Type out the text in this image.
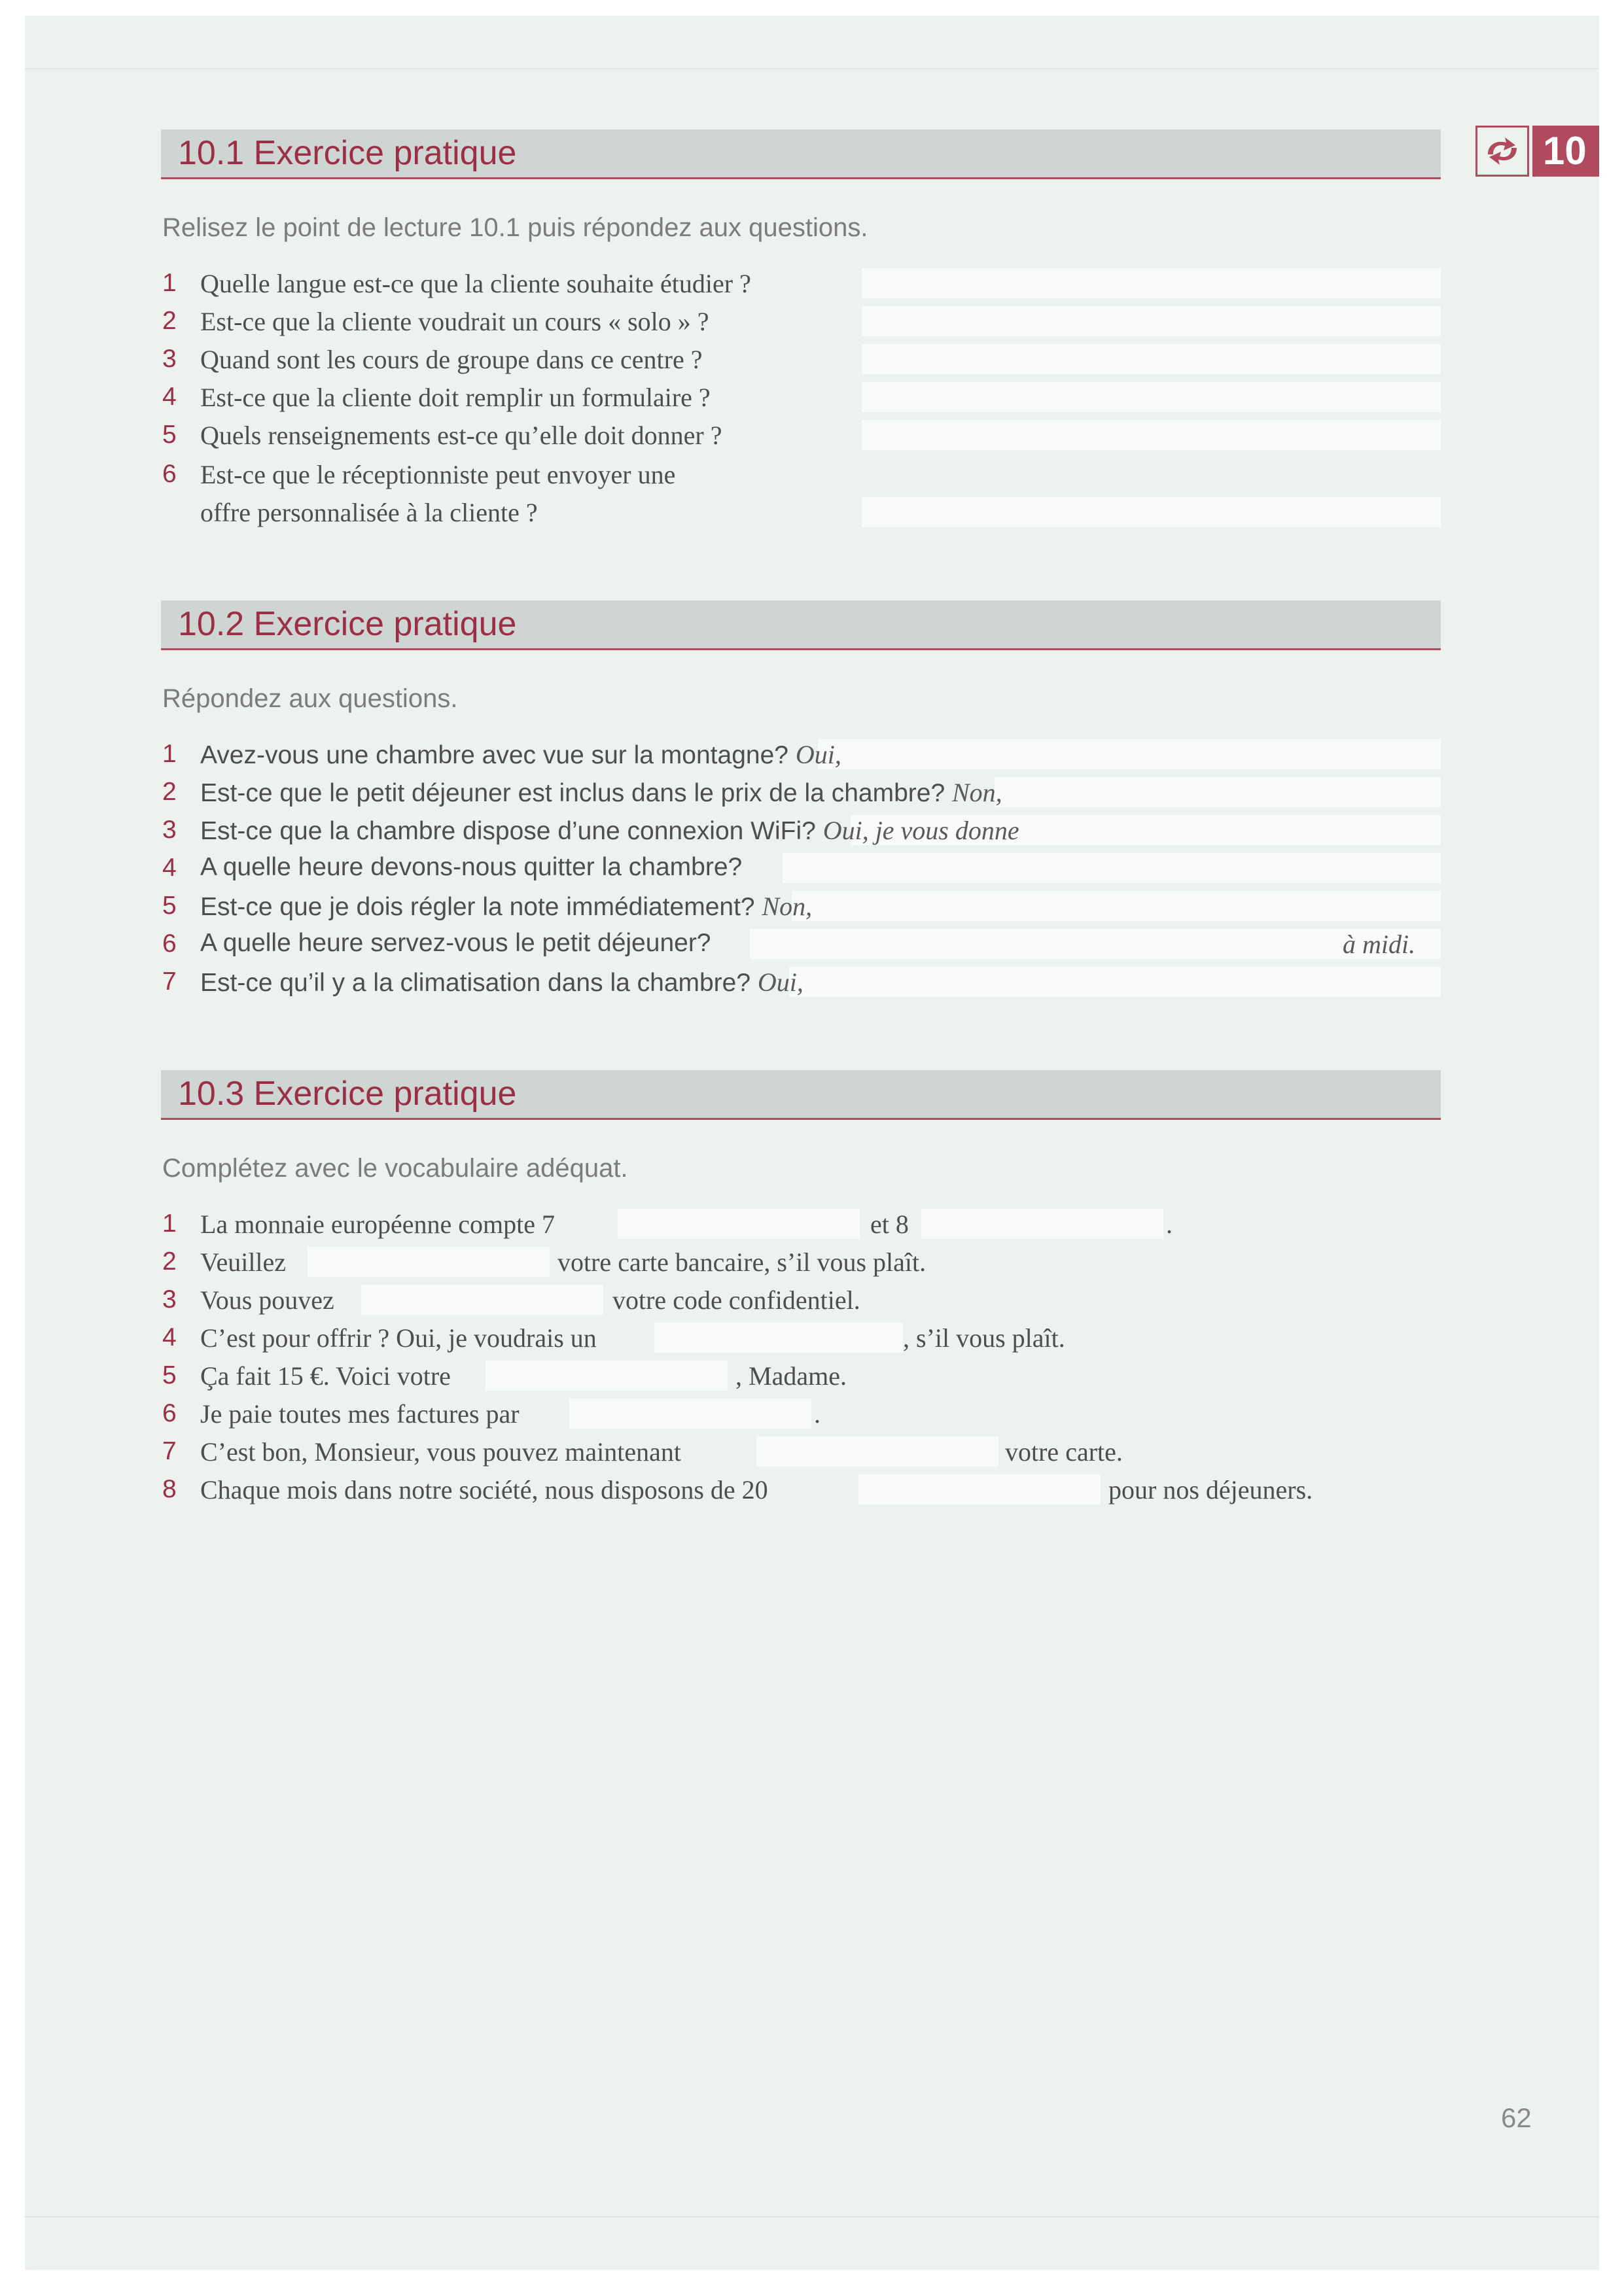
10
10.1 Exercice pratique
Relisez le point de lecture 10.1 puis répondez aux questions.
1 Quelle langue est-ce que la cliente souhaite étudier ?
2 Est-ce que la cliente voudrait un cours « solo » ?
3 Quand sont les cours de groupe dans ce centre ?
4 Est-ce que la cliente doit remplir un formulaire ?
5 Quels renseignements est-ce qu’elle doit donner ?
6 Est-ce que le réceptionniste peut envoyer une
offre personnalisée à la cliente ?
10.2 Exercice pratique
Répondez aux questions.
1 Avez-vous une chambre avec vue sur la montagne? Oui,
2 Est-ce que le petit déjeuner est inclus dans le prix de la chambre? Non,
3 Est-ce que la chambre dispose d’une connexion WiFi? Oui, je vous donne
4 A quelle heure devons-nous quitter la chambre?
5 Est-ce que je dois régler la note immédiatement? Non,
6 A quelle heure servez-vous le petit déjeuner?	à midi.
7 Est-ce qu’il y a la climatisation dans la chambre? Oui,
10.3 Exercice pratique
Complétez avec le vocabulaire adéquat.
1 La monnaie européenne compte 7	et 8	.
2 Veuillez	votre carte bancaire, s’il vous plaît.
3 Vous pouvez	votre code confidentiel.
4 C’est pour offrir ? Oui, je voudrais un	, s’il vous plaît.
5 Ça fait 15 €. Voici votre	, Madame.
6 Je paie toutes mes factures par	.
7 C’est bon, Monsieur, vous pouvez maintenant	votre carte.
8 Chaque mois dans notre société, nous disposons de 20	pour nos déjeuners.
62
